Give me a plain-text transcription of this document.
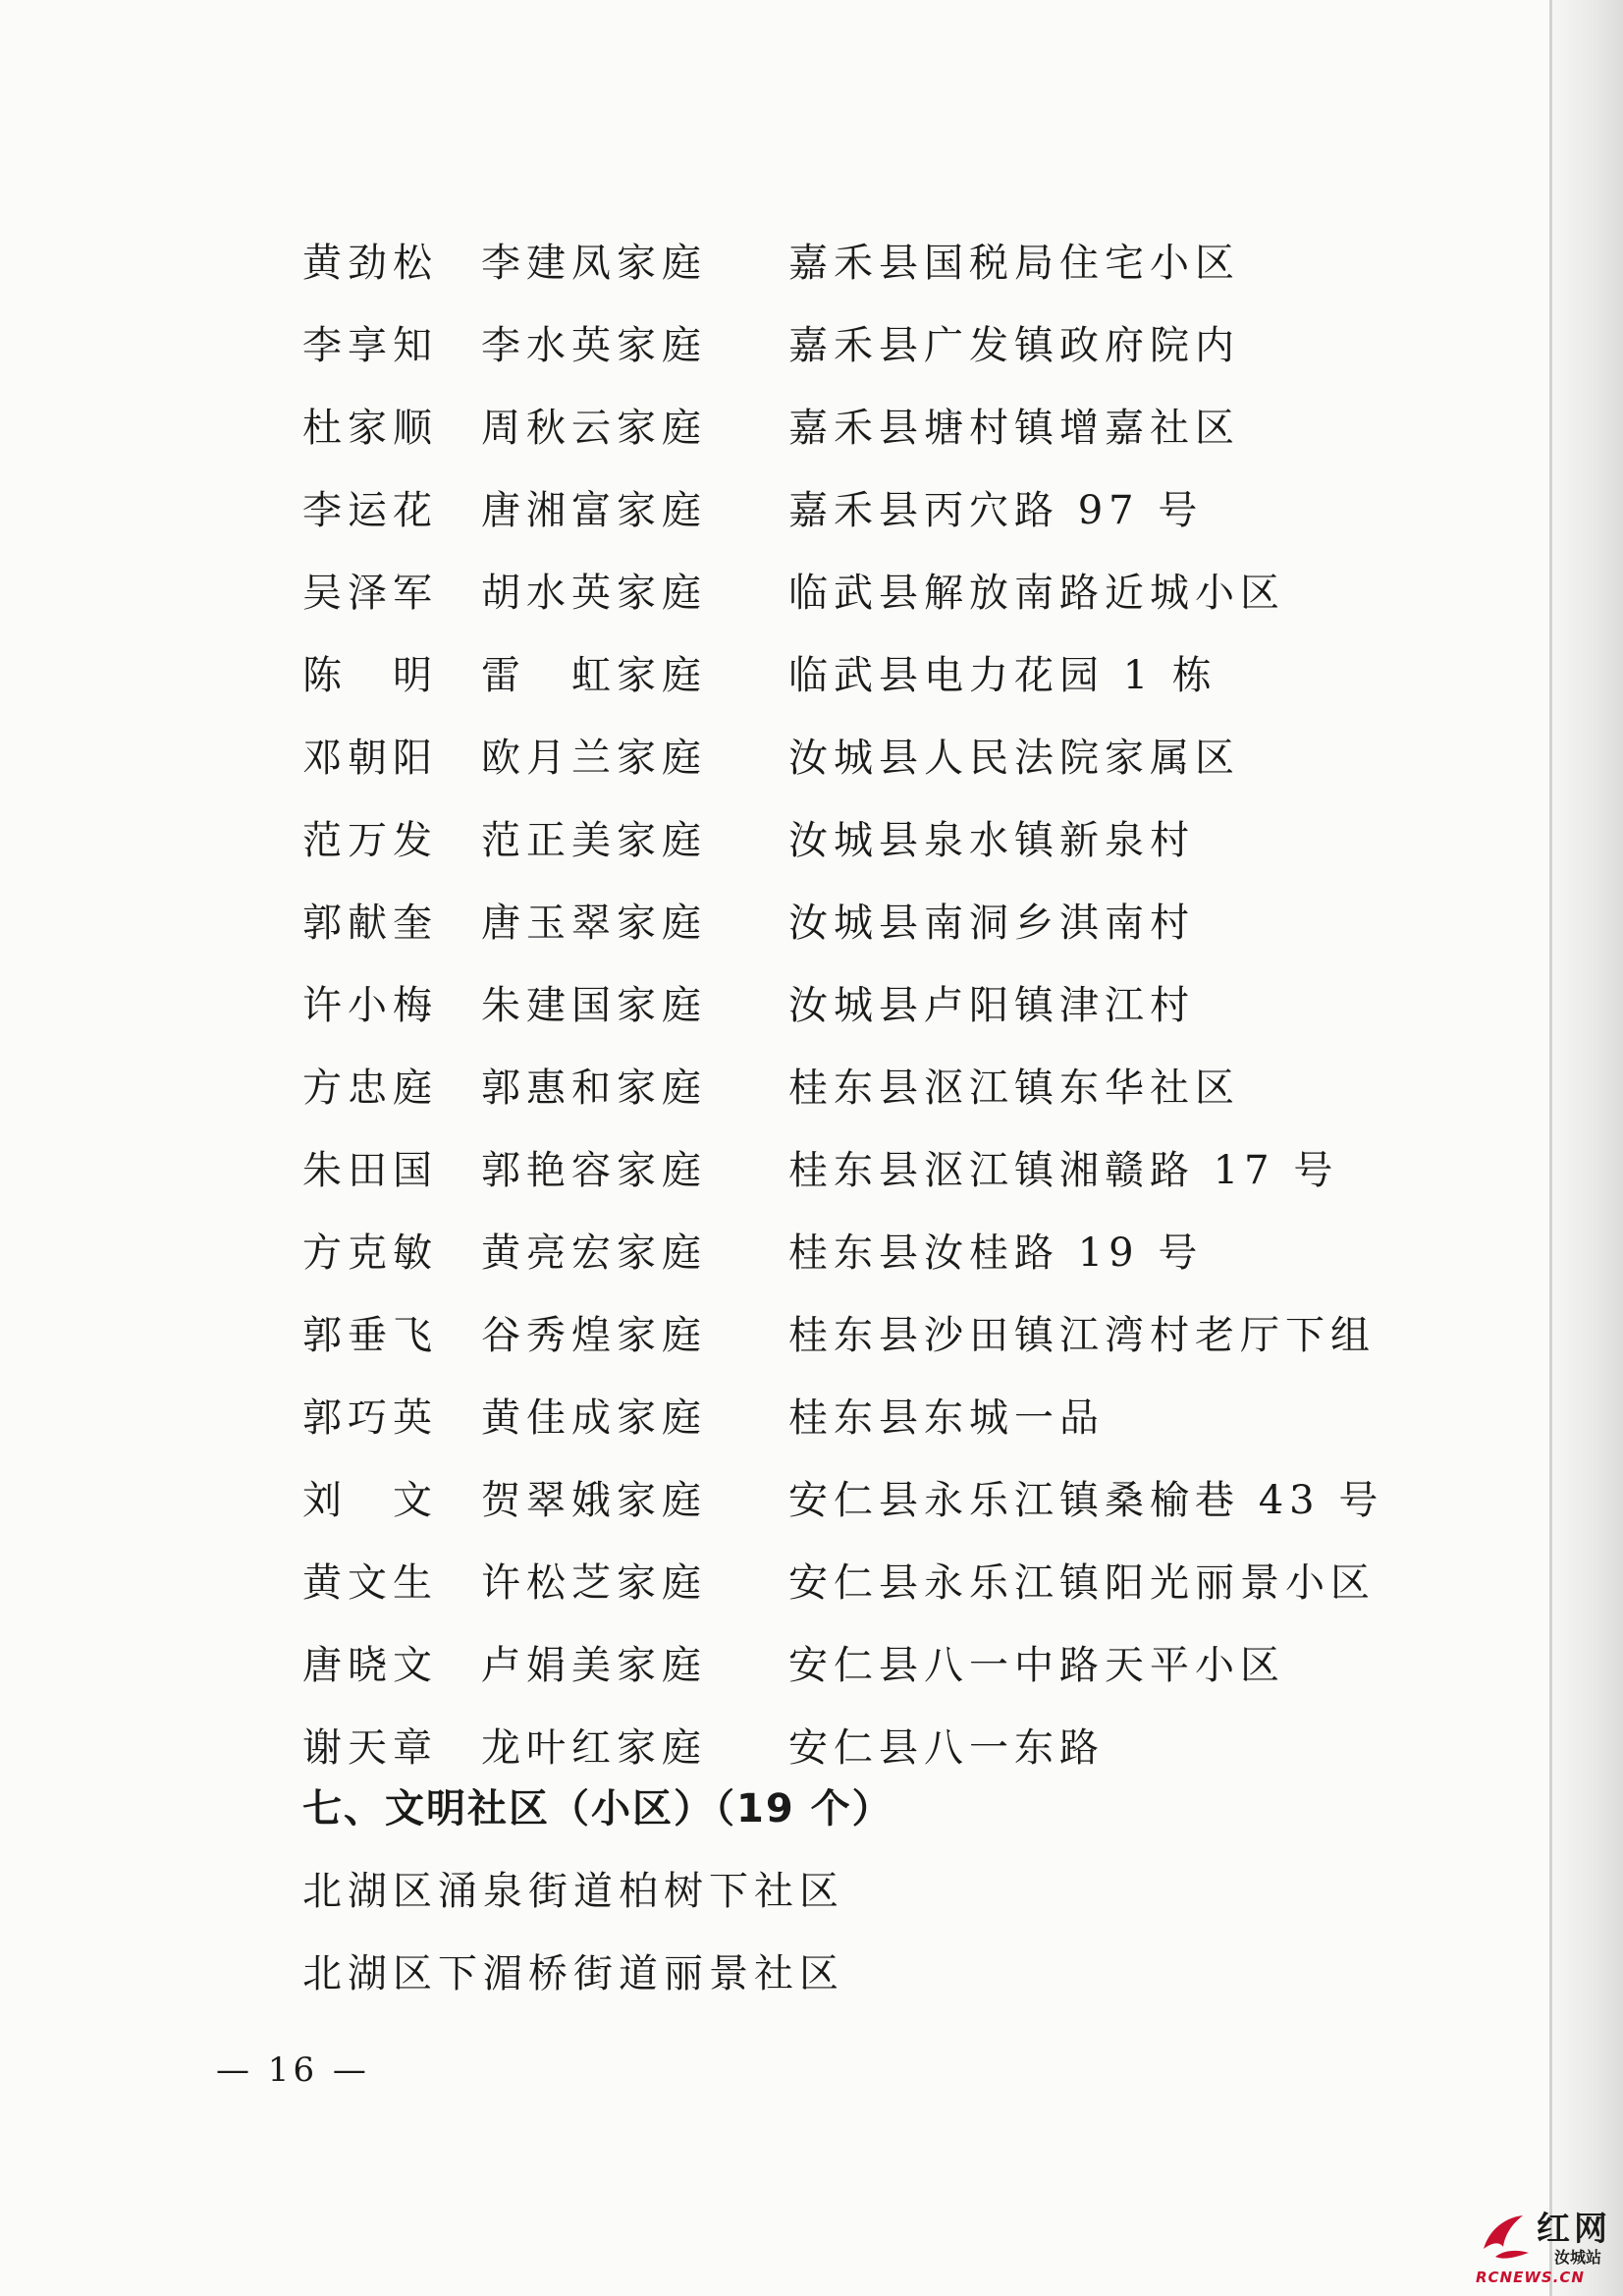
黄劲松 李建凤家庭 嘉禾县国税局住宅小区
李享知 李水英家庭 嘉禾县广发镇政府院内
杜家顺 周秋云家庭 嘉禾县塘村镇增嘉社区
李运花 唐湘富家庭 嘉禾县丙穴路 97 号
吴泽军 胡水英家庭 临武县解放南路近城小区
陈　明 雷　虹家庭 临武县电力花园 1 栋
邓朝阳 欧月兰家庭 汝城县人民法院家属区
范万发 范正美家庭 汝城县泉水镇新泉村
郭献奎 唐玉翠家庭 汝城县南洞乡淇南村
许小梅 朱建国家庭 汝城县卢阳镇津江村
方忠庭 郭惠和家庭 桂东县沤江镇东华社区
朱田国 郭艳容家庭 桂东县沤江镇湘赣路 17 号
方克敏 黄亮宏家庭 桂东县汝桂路 19 号
郭垂飞 谷秀煌家庭 桂东县沙田镇江湾村老厅下组
郭巧英 黄佳成家庭 桂东县东城一品
刘　文 贺翠娥家庭 安仁县永乐江镇桑榆巷 43 号
黄文生 许松芝家庭 安仁县永乐江镇阳光丽景小区
唐晓文 卢娟美家庭 安仁县八一中路天平小区
谢天章 龙叶红家庭 安仁县八一东路
七、文明社区（小区）（19 个）
北湖区涌泉街道柏树下社区
北湖区下湄桥街道丽景社区
— 16 —
红网
汝城站
RCNEWS.CN
